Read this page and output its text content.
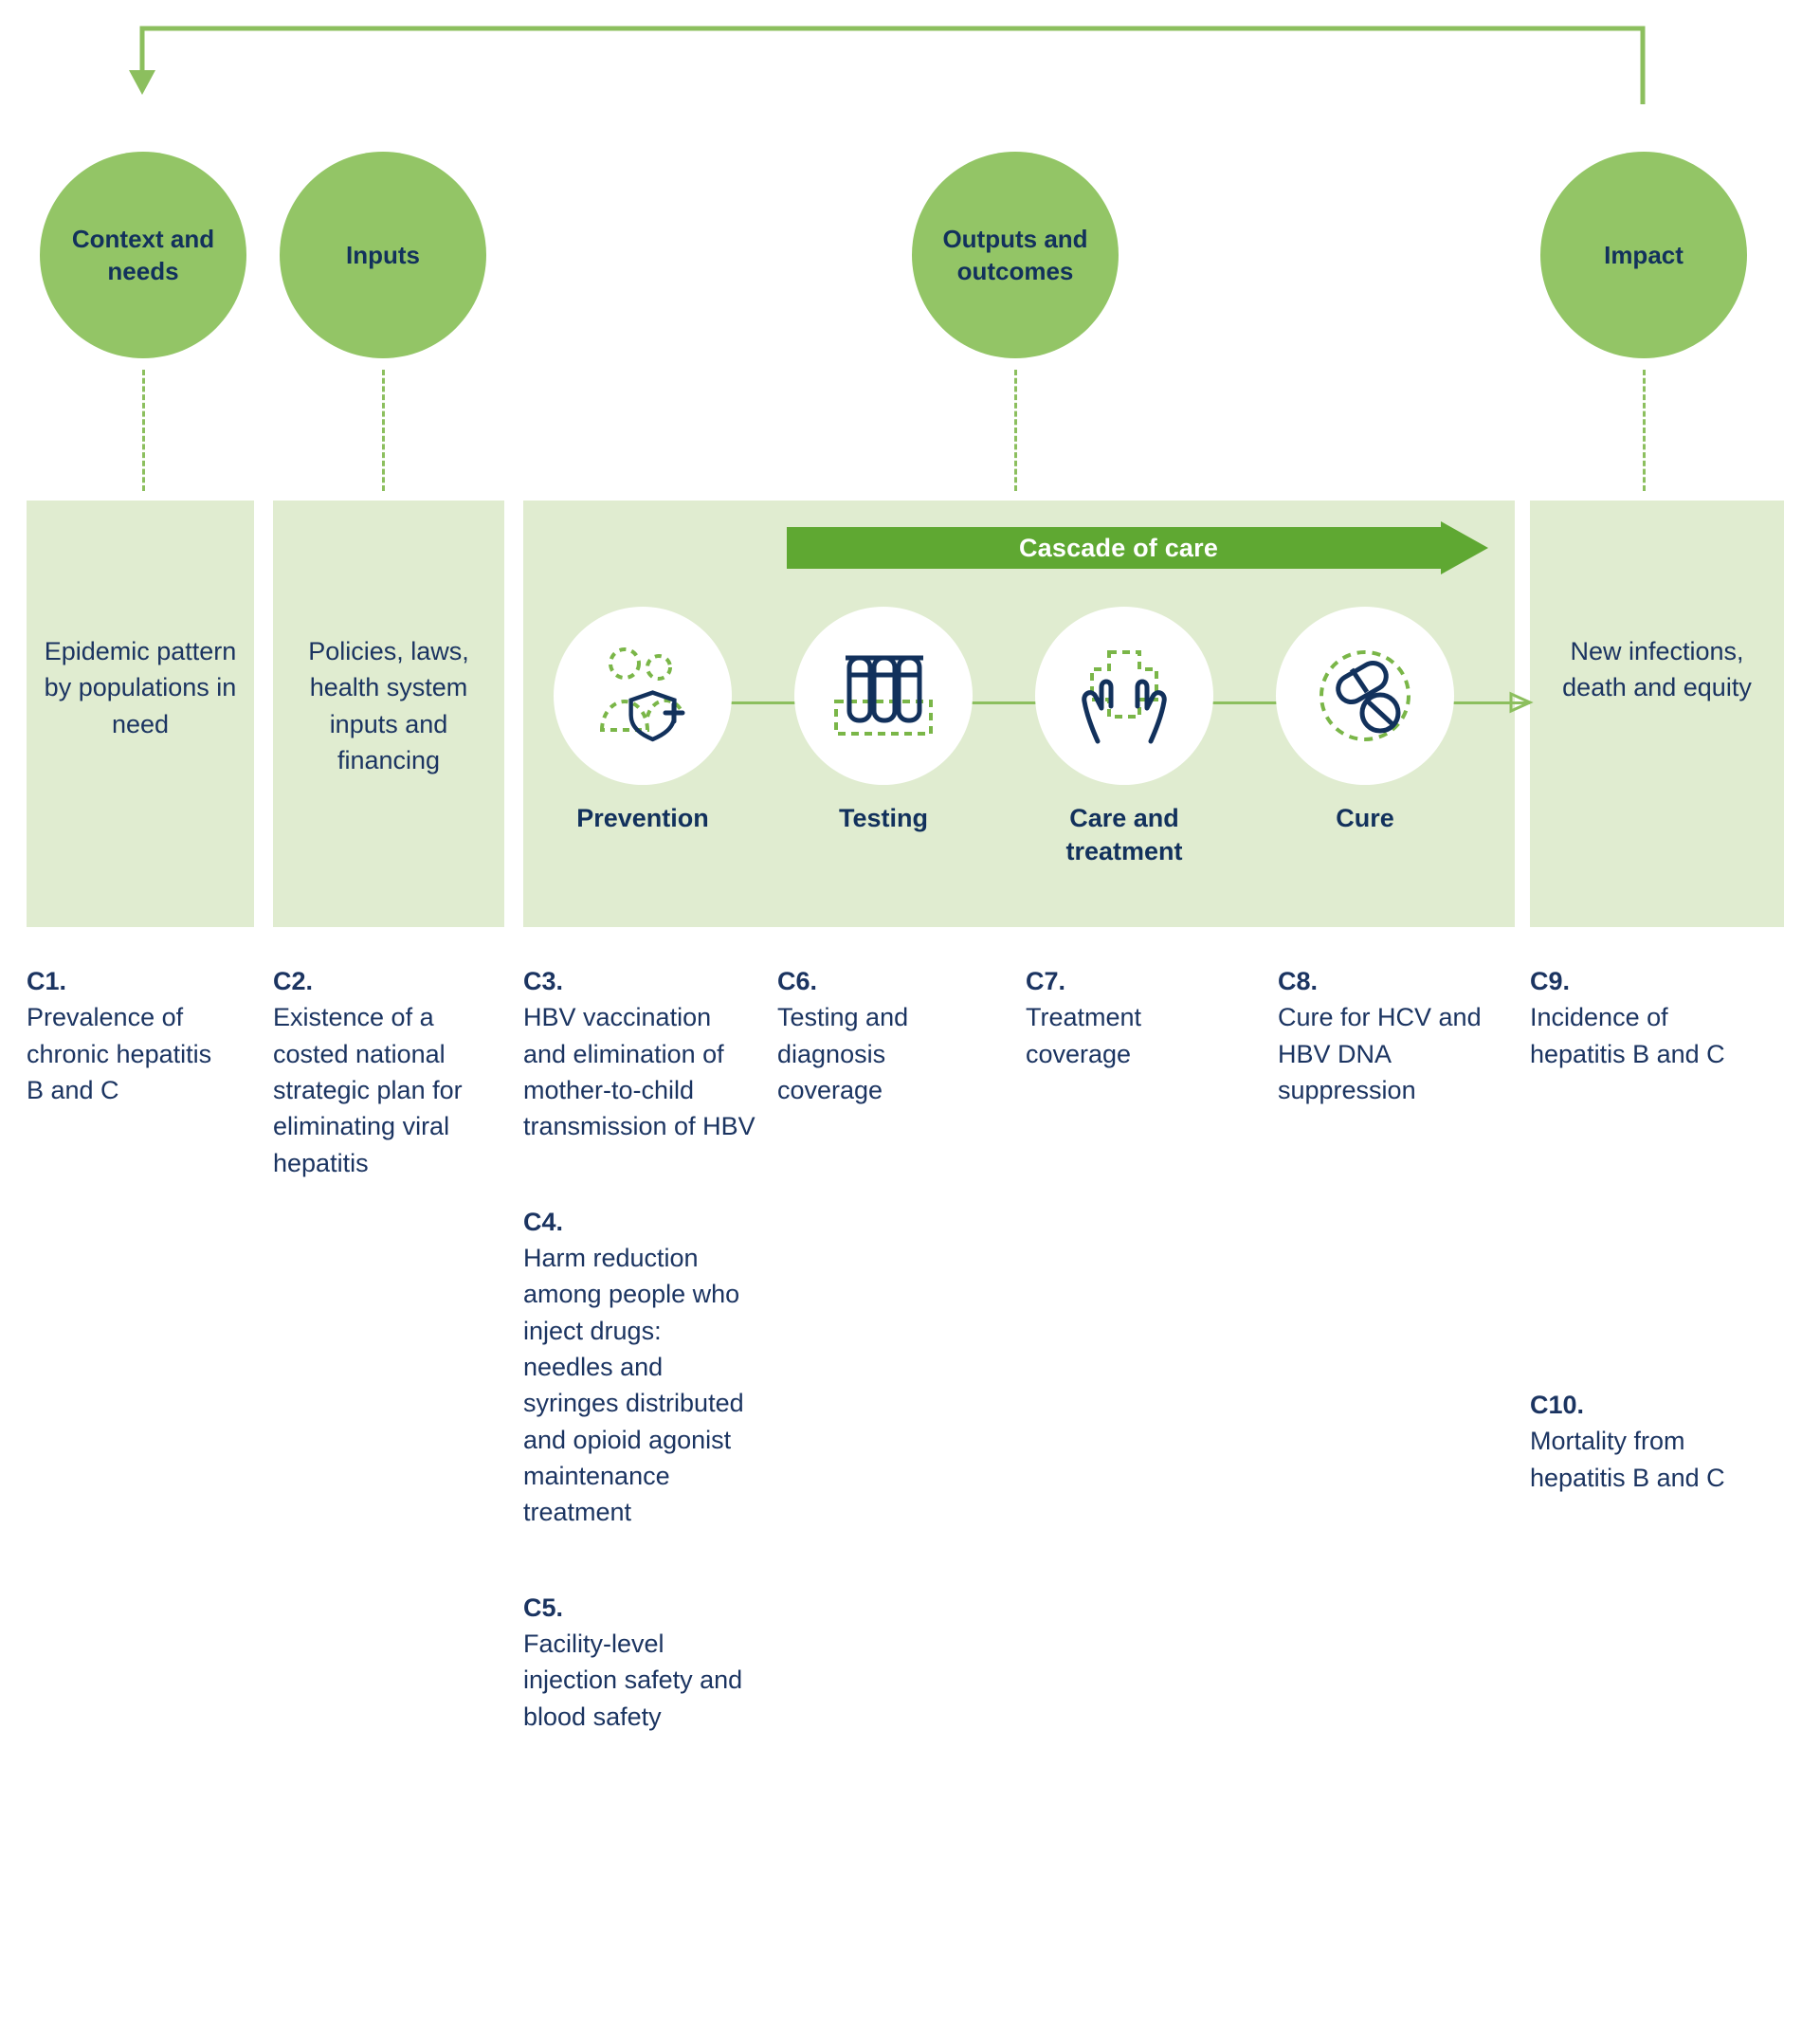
Context and needs
Inputs
Outputs and outcomes
Impact
Epidemic pattern by populations in need
Policies, laws, health system inputs and financing
New infections, death and equity
Cascade of care
Prevention	Testing	Care and treatment
Cure
C1.
Prevalence of chronic hepatitis B and C
C2.
Existence of a costed national strategic plan for eliminating viral hepatitis
C3.
HBV vaccination and elimination of mother-to-child transmission of HBV
C4.
Harm reduction among people who inject drugs: needles and syringes distributed and opioid agonist maintenance treatment
C5.
Facility-level injection safety and blood safety
C6.
Testing and diagnosis coverage
C7.
Treatment coverage
C8.
Cure for HCV and HBV DNA suppression
C9.
Incidence of hepatitis B and C
C10.
Mortality from hepatitis B and C
